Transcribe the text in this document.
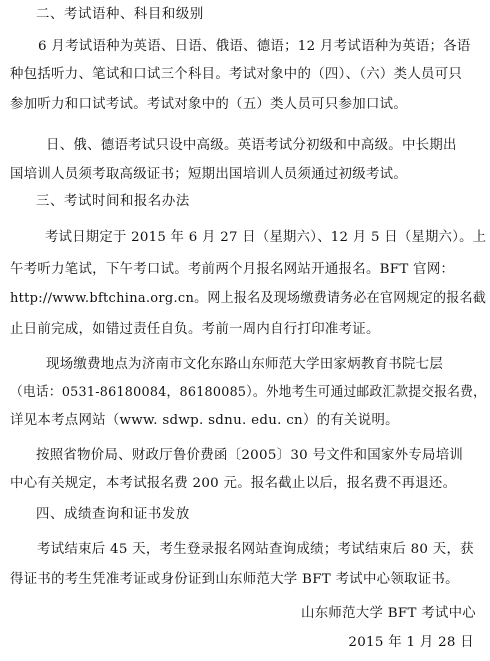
二、考试语种、科目和级别
6 月考试语种为英语、日语、俄语、德语；12 月考试语种为英语；各语
种包括听力、笔试和口试三个科目。考试对象中的（四）、（六）类人员可只
参加听力和口试考试。考试对象中的（五）类人员可只参加口试。
日、俄、德语考试只设中高级。英语考试分初级和中高级。中长期出
国培训人员须考取高级证书；短期出国培训人员须通过初级考试。
三、考试时间和报名办法
考试日期定于 2015 年 6 月 27 日（星期六）、12 月 5 日（星期六）。上
午考听力笔试，下午考口试。考前两个月报名网站开通报名。BFT 官网：
http://www.bftchina.org.cn。网上报名及现场缴费请务必在官网规定的报名截
止日前完成，如错过责任自负。考前一周内自行打印准考证。
现场缴费地点为济南市文化东路山东师范大学田家炳教育书院七层
（电话：0531-86180084，86180085）。外地考生可通过邮政汇款提交报名费，
详见本考点网站（www. sdwp. sdnu. edu. cn）的有关说明。
按照省物价局、财政厅鲁价费函〔2005〕30 号文件和国家外专局培训
中心有关规定，本考试报名费 200 元。报名截止以后，报名费不再退还。
四、成绩查询和证书发放
考试结束后 45 天，考生登录报名网站查询成绩；考试结束后 80 天，获
得证书的考生凭准考证或身份证到山东师范大学 BFT 考试中心领取证书。
山东师范大学 BFT 考试中心
2015 年 1 月 28 日
